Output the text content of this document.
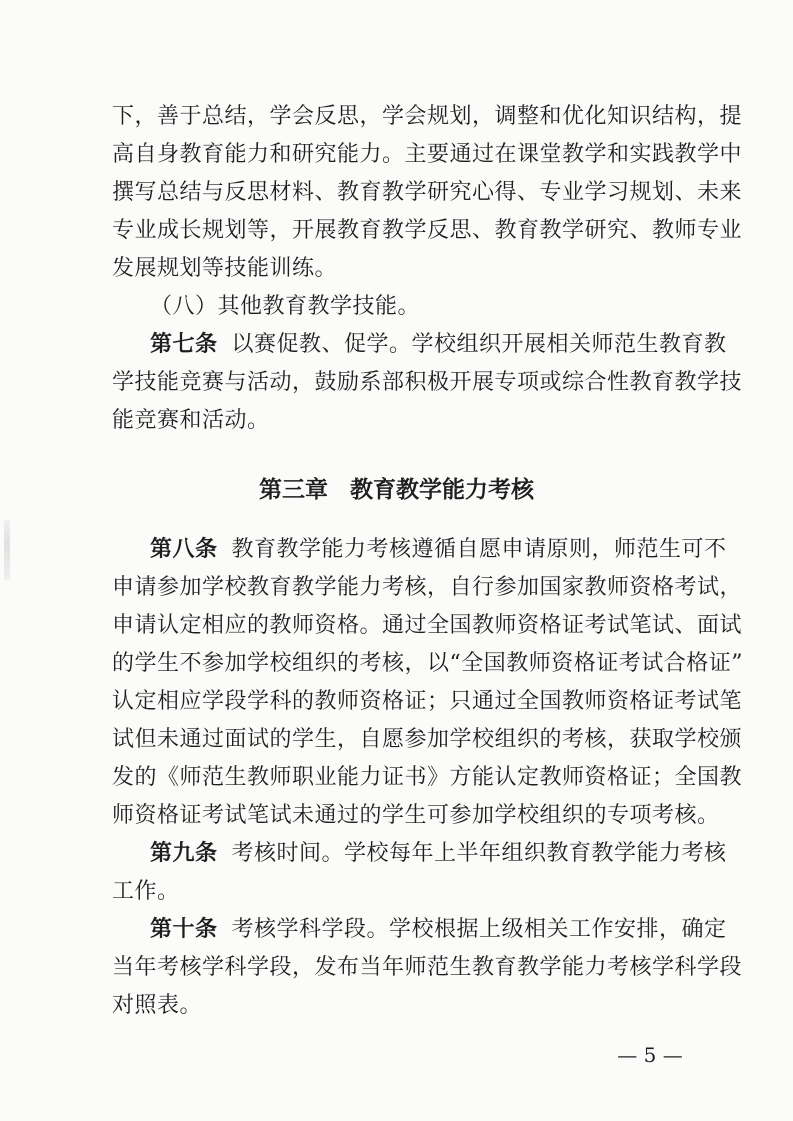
下，善于总结，学会反思，学会规划，调整和优化知识结构，提
高自身教育能力和研究能力。主要通过在课堂教学和实践教学中
撰写总结与反思材料、教育教学研究心得、专业学习规划、未来
专业成长规划等，开展教育教学反思、教育教学研究、教师专业
发展规划等技能训练。
（八）其他教育教学技能。
第七条 以赛促教、促学。学校组织开展相关师范生教育教
学技能竞赛与活动，鼓励系部积极开展专项或综合性教育教学技
能竞赛和活动。
第三章 教育教学能力考核
第八条 教育教学能力考核遵循自愿申请原则，师范生可不
申请参加学校教育教学能力考核，自行参加国家教师资格考试，
申请认定相应的教师资格。通过全国教师资格证考试笔试、面试
的学生不参加学校组织的考核，以“全国教师资格证考试合格证”
认定相应学段学科的教师资格证；只通过全国教师资格证考试笔
试但未通过面试的学生，自愿参加学校组织的考核，获取学校颁
发的《师范生教师职业能力证书》方能认定教师资格证；全国教
师资格证考试笔试未通过的学生可参加学校组织的专项考核。
第九条 考核时间。学校每年上半年组织教育教学能力考核
工作。
第十条 考核学科学段。学校根据上级相关工作安排，确定
当年考核学科学段，发布当年师范生教育教学能力考核学科学段
对照表。
— 5 —
